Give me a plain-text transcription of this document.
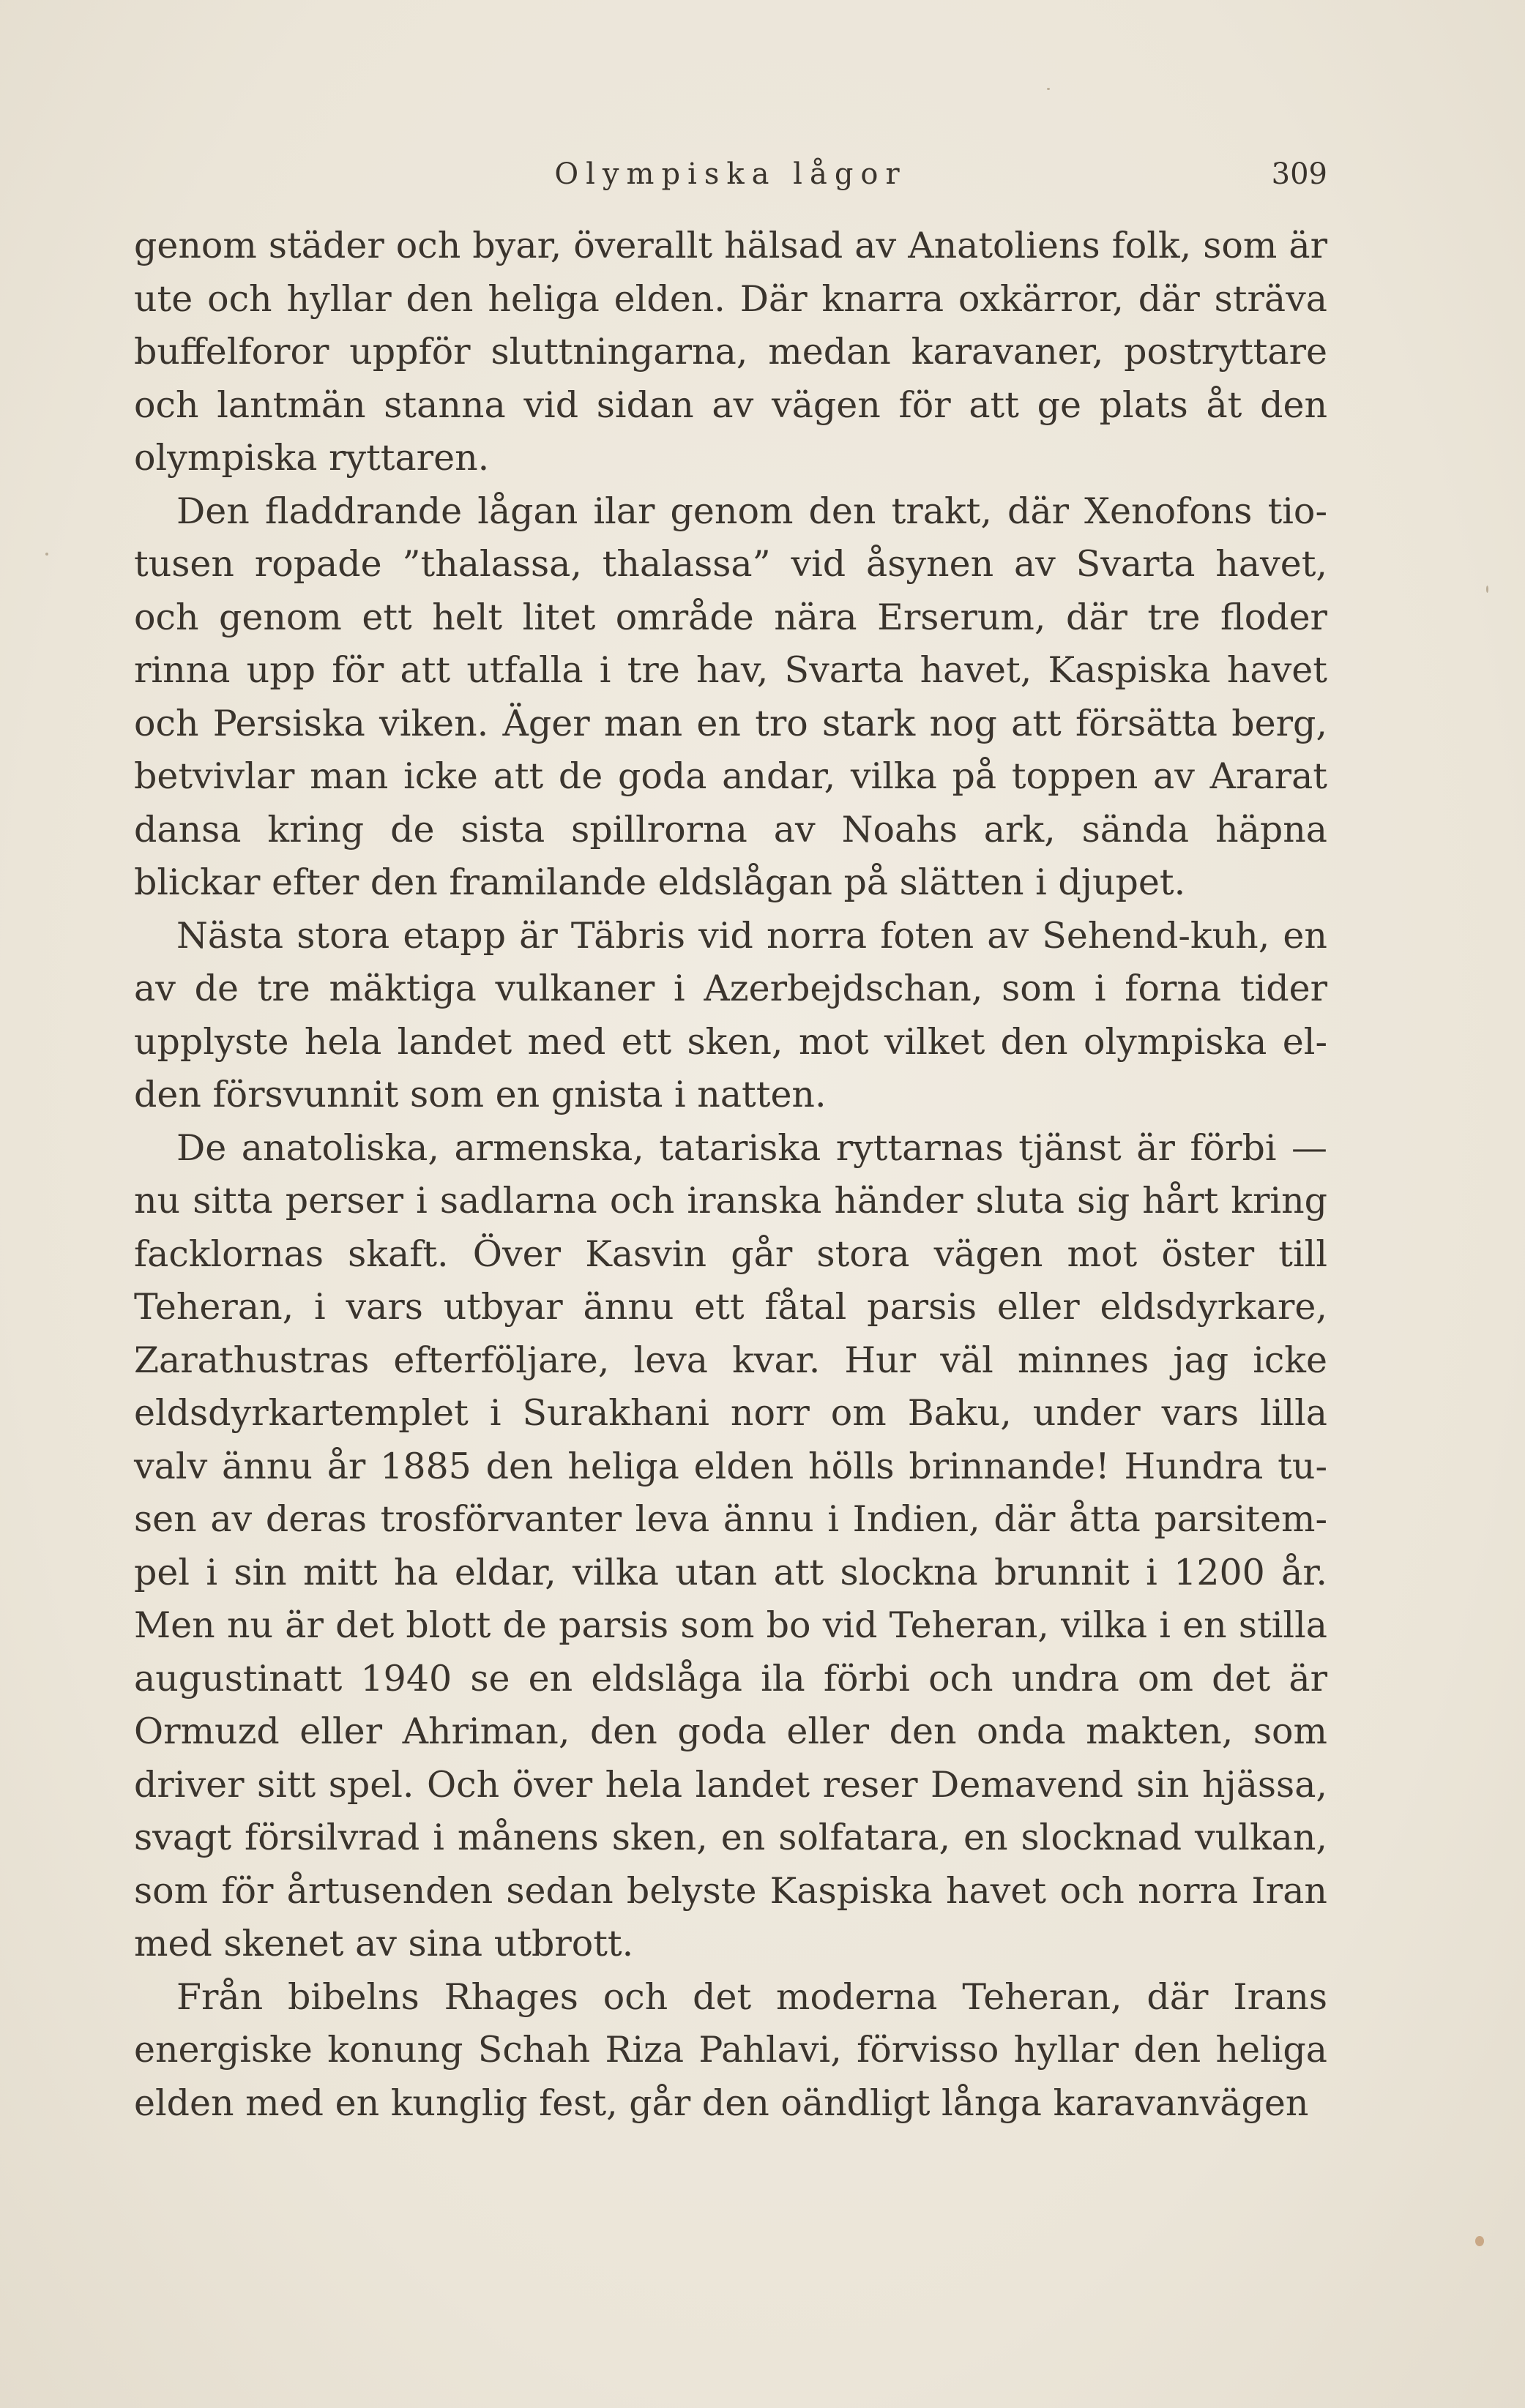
Olympiska lågor	309

genom städer och byar, överallt hälsad av Anatoliens folk, som är ute och hyllar den heliga elden. Där knarra oxkärror, där sträva buffelforor uppför sluttningarna, medan karavaner, postryttare och lantmän stanna vid sidan av vägen för att ge plats åt den olympiska ryttaren.

Den fladdrande lågan ilar genom den trakt, där Xenofons tiotusen ropade ”thalassa, thalassa” vid åsynen av Svarta havet, och genom ett helt litet område nära Erserum, där tre floder rinna upp för att utfalla i tre hav, Svarta havet, Kaspiska havet och Persiska viken. Äger man en tro stark nog att försätta berg, betvivlar man icke att de goda andar, vilka på toppen av Ararat dansa kring de sista spillrorna av Noahs ark, sända häpna blickar efter den framilande eldslågan på slätten i djupet.

Nästa stora etapp är Täbris vid norra foten av Sehend-kuh, en av de tre mäktiga vulkaner i Azerbejdschan, som i forna tider upplyste hela landet med ett sken, mot vilket den olympiska elden försvunnit som en gnista i natten.

De anatoliska, armenska, tatariska ryttarnas tjänst är förbi — nu sitta perser i sadlarna och iranska händer sluta sig hårt kring facklornas skaft. Över Kasvin går stora vägen mot öster till Teheran, i vars utbyar ännu ett fåtal parsis eller eldsdyrkare, Zarathustras efterföljare, leva kvar. Hur väl minnes jag icke eldsdyrkartemplet i Surakhani norr om Baku, under vars lilla valv ännu år 1885 den heliga elden hölls brinnande! Hundra tusen av deras trosförvanter leva ännu i Indien, där åtta parsitempel i sin mitt ha eldar, vilka utan att slockna brunnit i 1200 år. Men nu är det blott de parsis som bo vid Teheran, vilka i en stilla augustinatt 1940 se en eldslåga ila förbi och undra om det är Ormuzd eller Ahriman, den goda eller den onda makten, som driver sitt spel. Och över hela landet reser Demavend sin hjässa, svagt försilvrad i månens sken, en solfatara, en slocknad vulkan, som för årtusenden sedan belyste Kaspiska havet och norra Iran med skenet av sina utbrott.

Från bibelns Rhages och det moderna Teheran, där Irans energiske konung Schah Riza Pahlavi, förvisso hyllar den heliga elden med en kunglig fest, går den oändligt långa karavanvägen
